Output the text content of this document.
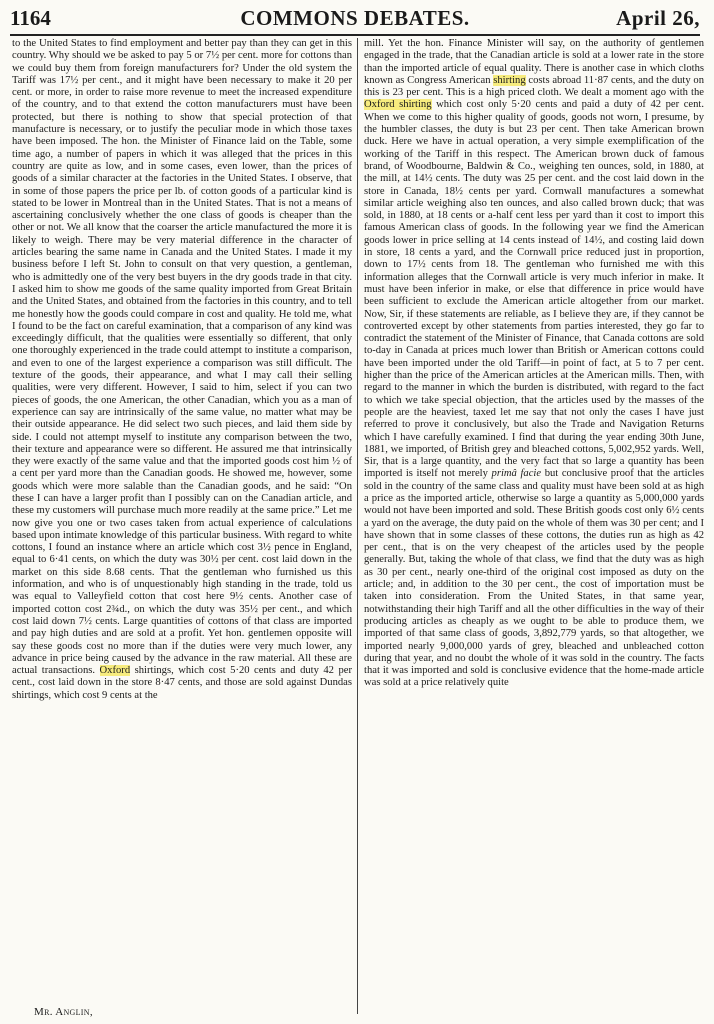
1164	COMMONS DEBATES.	April 26,

to the United States to find employment and better pay than they can get in this country. Why should we be asked to pay 5 or 7½ per cent. more for cottons than we could buy them from foreign manufacturers for? Under the old system the Tariff was 17½ per cent., and it might have been necessary to make it 20 per cent. or more, in order to raise more revenue to meet the increased expenditure of the country, and to that extend the cotton manufacturers must have been protected, but there is nothing to show that special protection of that manufacture is necessary, or to justify the peculiar mode in which those taxes have been imposed. The hon. the Minister of Finance laid on the Table, some time ago, a number of papers in which it was alleged that the prices in this country are quite as low, and in some cases, even lower, than the prices of goods of a similar character at the factories in the United States. I observe, that in some of those papers the price per lb. of cotton goods of a particular kind is stated to be lower in Montreal than in the United States. That is not a means of ascertaining conclusively whether the one class of goods is cheaper than the other or not. We all know that the coarser the article manufactured the more it is likely to weigh. There may be very material difference in the character of articles bearing the same name in Canada and the United States. I made it my business before I left St. John to consult on that very question, a gentleman, who is admittedly one of the very best buyers in the dry goods trade in that city. I asked him to show me goods of the same quality imported from Great Britain and the United States, and obtained from the factories in this country, and to tell me honestly how the goods could compare in cost and quality. He told me, what I found to be the fact on careful examination, that a comparison of any kind was exceedingly difficult, that the qualities were essentially so different, that only one thoroughly experienced in the trade could attempt to institute a comparison, and even to one of the largest experience a comparison was still difficult. The texture of the goods, their appearance, and what I may call their selling qualities, were very different. However, I said to him, select if you can two pieces of goods, the one American, the other Canadian, which you as a man of experience can say are intrinsically of the same value, no matter what may be their outside appearance. He did select two such pieces, and laid them side by side. I could not attempt myself to institute any comparison between the two, their texture and appearance were so different. He assured me that intrinsically they were exactly of the same value and that the imported goods cost him ½ of a cent per yard more than the Canadian goods. He showed me, however, some goods which were more salable than the Canadian goods, and he said: “On these I can have a larger profit than I possibly can on the Canadian article, and these my customers will purchase much more readily at the same price.” Let me now give you one or two cases taken from actual experience of calculations based upon intimate knowledge of this particular business. With regard to white cottons, I found an instance where an article which cost 3½ pence in England, equal to 6·41 cents, on which the duty was 30½ per cent. cost laid down in the market on this side 8.68 cents. That the gentleman who furnished us this information, and who is of unquestionably high standing in the trade, told us was equal to Valleyfield cotton that cost here 9½ cents. Another case of imported cotton cost 2¾d., on which the duty was 35½ per cent., and which cost laid down 7½ cents. Large quantities of cottons of that class are imported and pay high duties and are sold at a profit. Yet hon. gentlemen opposite will say these goods cost no more than if the duties were very much lower, any advance in price being caused by the advance in the raw material. All these are actual transactions. Oxford shirtings, which cost 5·20 cents and duty 42 per cent., cost laid down in the store 8·47 cents, and those are sold against Dundas shirtings, which cost 9 cents at the

mill. Yet the hon. Finance Minister will say, on the authority of gentlemen engaged in the trade, that the Canadian article is sold at a lower rate in the store than the imported article of equal quality. There is another case in which cloths known as Congress American shirting costs abroad 11·87 cents, and the duty on this is 23 per cent. This is a high priced cloth. We dealt a moment ago with the Oxford shirting which cost only 5·20 cents and paid a duty of 42 per cent. When we come to this higher quality of goods, goods not worn, I presume, by the humbler classes, the duty is but 23 per cent. Then take American brown duck. Here we have in actual operation, a very simple exemplification of the working of the Tariff in this respect. The American brown duck of famous brand, of Woodbourne, Baldwin & Co., weighing ten ounces, sold, in 1880, at the mill, at 14½ cents. The duty was 25 per cent. and the cost laid down in the store in Canada, 18½ cents per yard. Cornwall manufactures a somewhat similar article weighing also ten ounces, and also called brown duck; that was sold, in 1880, at 18 cents or a-half cent less per yard than it cost to import this famous American class of goods. In the following year we find the American goods lower in price selling at 14 cents instead of 14½, and costing laid down in store, 18 cents a yard, and the Cornwall price reduced just in proportion, down to 17½ cents from 18. The gentleman who furnished me with this information alleges that the Cornwall article is very much inferior in make. It must have been inferior in make, or else that difference in price would have been sufficient to exclude the American article altogether from our market. Now, Sir, if these statements are reliable, as I believe they are, if they cannot be controverted except by other statements from parties interested, they go far to contradict the statement of the Minister of Finance, that Canada cottons are sold to-day in Canada at prices much lower than British or American cottons could have been imported under the old Tariff—in point of fact, at 5 to 7 per cent. higher than the price of the American articles at the American mills. Then, with regard to the manner in which the burden is distributed, with regard to the fact to which we take special objection, that the articles used by the masses of the people are the heaviest, taxed let me say that not only the cases I have just referred to prove it conclusively, but also the Trade and Navigation Returns which I have carefully examined. I find that during the year ending 30th June, 1881, we imported, of British grey and bleached cottons, 5,002,952 yards. Well, Sir, that is a large quantity, and the very fact that so large a quantity has been imported is itself not merely primâ facie but conclusive proof that the articles sold in the country of the same class and quality must have been sold at as high a price as the imported article, otherwise so large a quantity as 5,000,000 yards would not have been imported and sold. These British goods cost only 6½ cents a yard on the average, the duty paid on the whole of them was 30 per cent; and I have shown that in some classes of these cottons, the duties run as high as 42 per cent., that is on the very cheapest of the articles used by the people generally. But, taking the whole of that class, we find that the duty was as high as 30 per cent., nearly one-third of the original cost imposed as duty on the article; and, in addition to the 30 per cent., the cost of importation must be taken into consideration. From the United States, in that same year, notwithstanding their high Tariff and all the other difficulties in the way of their producing articles as cheaply as we ought to be able to produce them, we imported of that same class of goods, 3,892,779 yards, so that altogether, we imported nearly 9,000,000 yards of grey, bleached and unbleached cotton during that year, and no doubt the whole of it was sold in the country. The facts that it was imported and sold is conclusive evidence that the home-made article was sold at a price relatively quite

Mr. Anglin,
